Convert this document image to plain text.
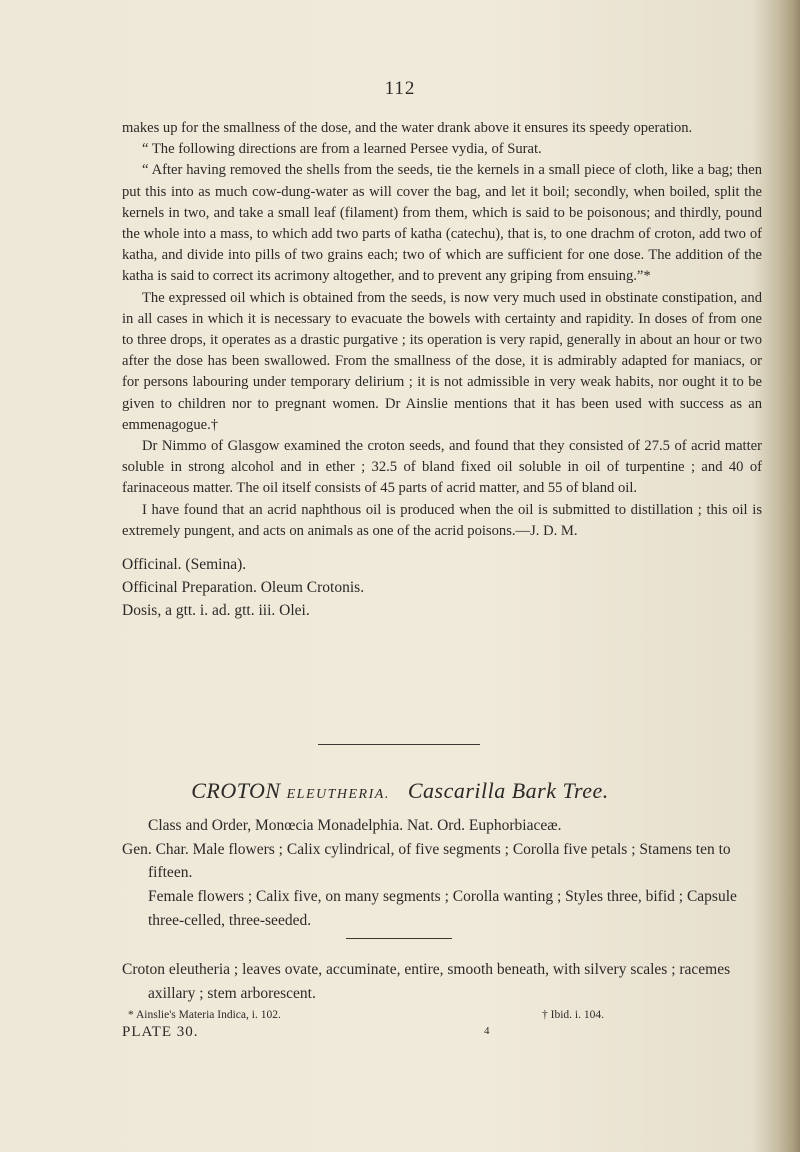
112

makes up for the smallness of the dose, and the water drank above it ensures its speedy operation.

“ The following directions are from a learned Persee vydia, of Surat.

“ After having removed the shells from the seeds, tie the kernels in a small piece of cloth, like a bag; then put this into as much cow-dung-water as will cover the bag, and let it boil; secondly, when boiled, split the kernels in two, and take a small leaf (filament) from them, which is said to be poisonous; and thirdly, pound the whole into a mass, to which add two parts of katha (catechu), that is, to one drachm of croton, add two of katha, and divide into pills of two grains each; two of which are sufficient for one dose. The addition of the katha is said to correct its acrimony altogether, and to prevent any griping from ensuing.”*

The expressed oil which is obtained from the seeds, is now very much used in obstinate constipation, and in all cases in which it is necessary to evacuate the bowels with certainty and rapidity. In doses of from one to three drops, it operates as a drastic purgative ; its operation is very rapid, generally in about an hour or two after the dose has been swallowed. From the smallness of the dose, it is admirably adapted for maniacs, or for persons labouring under temporary delirium ; it is not admissible in very weak habits, nor ought it to be given to children nor to pregnant women. Dr Ainslie mentions that it has been used with success as an emmenagogue.†

Dr Nimmo of Glasgow examined the croton seeds, and found that they consisted of 27.5 of acrid matter soluble in strong alcohol and in ether ; 32.5 of bland fixed oil soluble in oil of turpentine ; and 40 of farinaceous matter. The oil itself consists of 45 parts of acrid matter, and 55 of bland oil.

I have found that an acrid naphthous oil is produced when the oil is submitted to distillation ; this oil is extremely pungent, and acts on animals as one of the acrid poisons.—J. D. M.

Officinal. (Semina).
Officinal Preparation. Oleum Crotonis.
Dosis, a gtt. i. ad. gtt. iii. Olei.
CROTON ELEUTHERIA. Cascarilla Bark Tree.

Class and Order, Monœcia Monadelphia. Nat. Ord. Euphorbiaceæ.

Gen. Char. Male flowers ; Calix cylindrical, of five segments ; Corolla five petals ; Stamens ten to fifteen.

Female flowers ; Calix five, on many segments ; Corolla wanting ; Styles three, bifid ; Capsule three-celled, three-seeded.

Croton eleutheria ; leaves ovate, accuminate, entire, smooth beneath, with silvery scales ; racemes axillary ; stem arborescent.

* Ainslie's Materia Indica, i. 102.	† Ibid. i. 104.
PLATE 30.	4
